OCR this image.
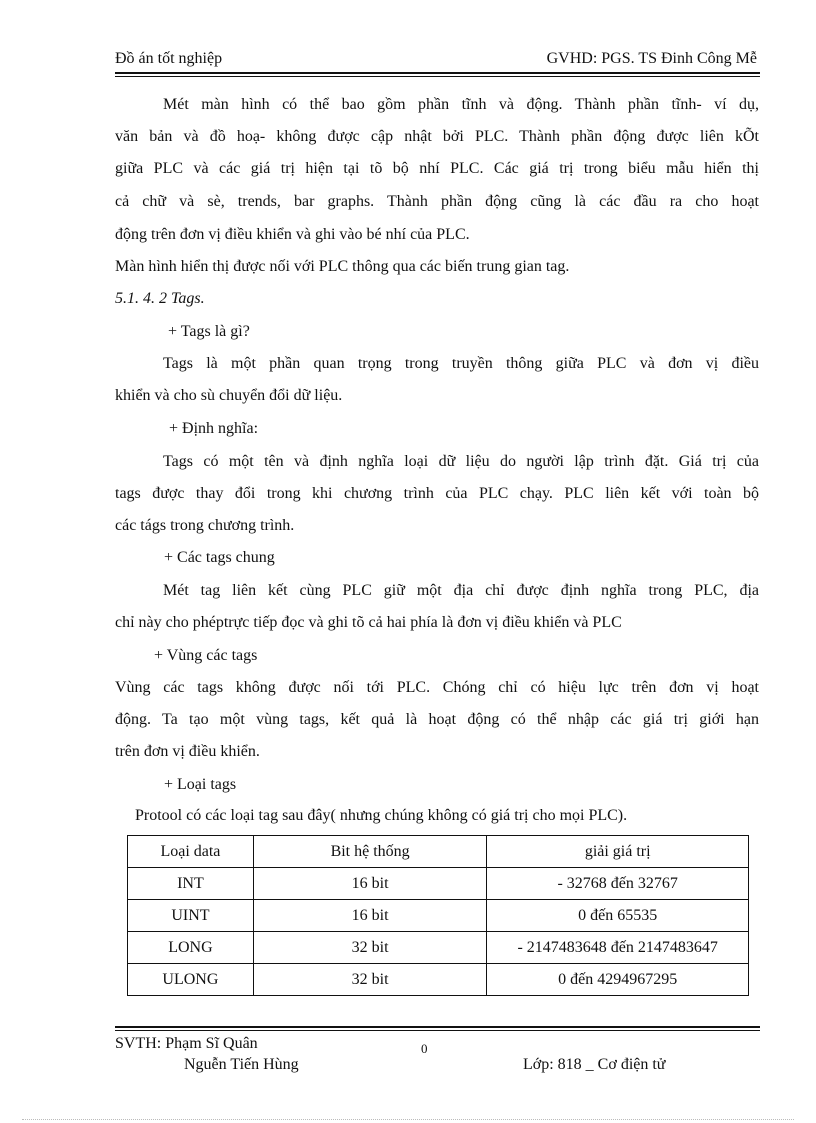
Đồ án tốt nghiệp	GVHD: PGS. TS Đinh Công Mễ
Mét màn hình có thể bao gồm phần tĩnh và động. Thành phần tĩnh- ví dụ,
văn bản và đồ hoạ- không được cập nhật bởi PLC. Thành phần động được liên kÕt
giữa PLC và các giá trị hiện tại tõ bộ nhí PLC. Các giá trị trong biểu mẫu hiển thị
cả chữ và sè, trends, bar graphs. Thành phần động cũng là các đầu ra cho hoạt
động trên đơn vị điều khiển và ghi vào bé nhí của PLC.
Màn hình hiển thị được nối với PLC thông qua các biến trung gian tag.
5.1. 4. 2 Tags.
+ Tags là gì?
Tags là một phần quan trọng trong truyền thông giữa PLC và đơn vị điều
khiển và cho sù chuyển đổi dữ liệu.
+ Định nghĩa:
Tags có một tên và định nghĩa loại dữ liệu do người lập trình đặt. Giá trị của
tags được thay đổi trong khi chương trình của PLC chạy. PLC liên kết với toàn bộ
các tágs trong chương trình.
+ Các tags chung
Mét tag liên kết cùng PLC giữ một địa chỉ được định nghĩa trong PLC, địa
chỉ này cho phéptrực tiếp đọc và ghi tõ cả hai phía là đơn vị điều khiển và PLC
+ Vùng các tags
Vùng các tags không được nối tới PLC. Chóng chỉ có hiệu lực trên đơn vị hoạt
động. Ta tạo một vùng tags, kết quả là hoạt động có thể nhập các giá trị giới hạn
trên đơn vị điều khiển.
+ Loại tags
Protool có các loại tag sau đây( nhưng chúng không có giá trị cho mọi PLC).
Loại data	Bit hệ thống	giải giá trị
INT	16 bit	- 32768 đến 32767
UINT	16 bit	0 đến 65535
LONG	32 bit	- 2147483648 đến 2147483647
ULONG	32 bit	0 đến 4294967295
SVTH: Phạm Sĩ Quân	0
Nguễn Tiến Hùng	Lớp: 818 _ Cơ điện tử
